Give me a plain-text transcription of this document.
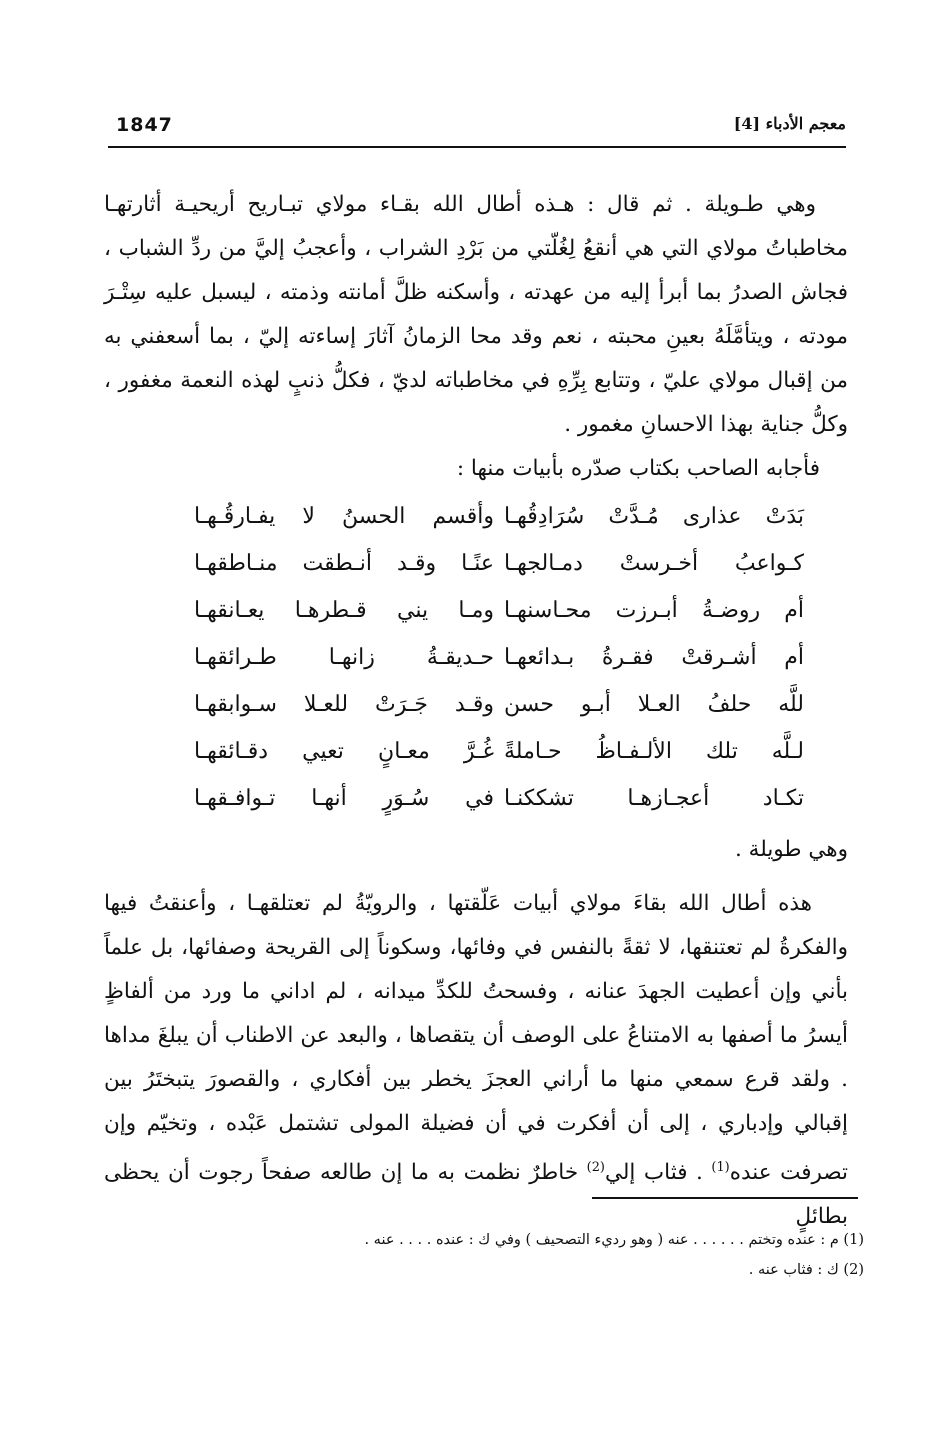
1847	معجم الأدباء [4]

وهي طـويلة . ثم قال : هـذه أطال الله بقـاء مولاي تبـاريح أريحيـة أثارتهـا مخاطباتُ مولاي التي هي أنقعُ لِغُلّتي من بَرْدِ الشراب ، وأعجبُ إليَّ من ردِّ الشباب ، فجاش الصدرُ بما أبرأ إليه من عهدته ، وأسكنه ظلَّ أمانته وذمته ، ليسبل عليه سِتْـرَ مودته ، ويتأمَّلَهُ بعينِ محبته ، نعم وقد محا الزمانُ آثارَ إساءته إليّ ، بما أسعفني به من إقبال مولاي عليّ ، وتتابع بِرِّهِ في مخاطباته لديّ ، فكلُّ ذنبٍ لهذه النعمة مغفور ، وكلُّ جناية بهذا الاحسانِ مغمور .

فأجابه الصاحب بكتاب صدّره بأبيات منها :

بَدَتْ عذارى مُـدَّتْ سُرَادِقُهـا
وأقسم الحسنُ لا يفـارقُـهـا
كـواعبُ أخـرستْ دمـالجهـا
عنًـا وقـد أنـطقت منـاطقهـا
أم روضـةُ أبـرزت محـاسنهـا
ومـا يني قـطرهـا يعـانقهـا
أم أشـرقتْ فقـرةُ بـدائعهـا
حـديقـةُ زانهـا طـرائقهـا
للَّه حلفُ العـلا أبـو حسن
وقـد جَـرَتْ للعـلا سـوابقهـا
لـلَّه تلك الألـفـاظُ حـاملةً
غُـرَّ معـانٍ تعيي دقـائقهـا
تكـاد أعجـازهـا تشككنـا
في سُـوَرٍ أنهـا تـوافـقهـا

وهي طويلة .

هذه أطال الله بقاءَ مولاي أبيات عَلّقتها ، والرويّةُ لم تعتلقهـا ، وأعنقتُ فيها والفكرةُ لم تعتنقها، لا ثقةً بالنفس في وفائها، وسكوناً إلى القريحة وصفائها، بل علماً بأني وإن أعطيت الجهدَ عنانه ، وفسحتُ للكدِّ ميدانه ، لم اداني ما ورد من ألفاظٍ أيسرُ ما أصفها به الامتناعُ على الوصف أن يتقصاها ، والبعد عن الاطناب أن يبلغَ مداها . ولقد قرع سمعي منها ما أراني العجزَ يخطر بين أفكاري ، والقصورَ يتبختَرُ بين إقبالي وإدباري ، إلى أن أفكرت في أن فضيلة المولى تشتمل عَبْده ، وتخيّم وإن تصرفت عنده$^{(1)}$ . فثاب إلي$^{(2)}$ خاطرٌ نظمت به ما إن طالعه صفحاً رجوت أن يحظى بطائلٍ

(1) م : عنده وتختم . . . . . . عنه ( وهو رديء التصحيف ) وفي ك : عنده . . . . عنه .

(2) ك : فثاب عنه .
